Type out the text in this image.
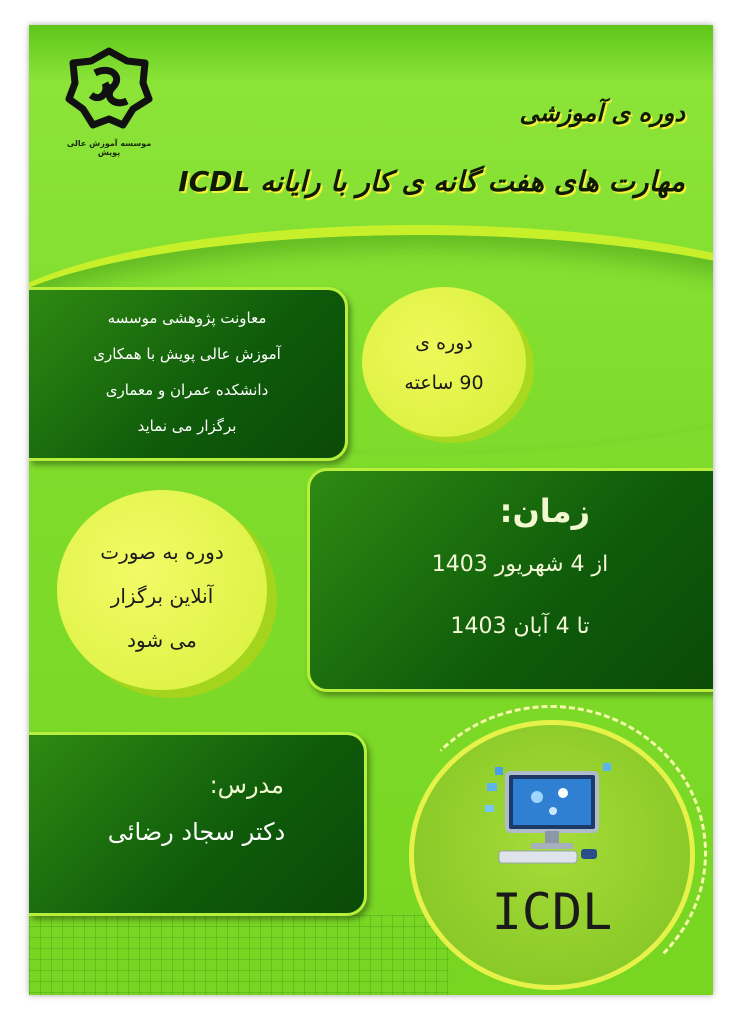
موسسه آموزش عالی پویش
دوره ی آموزشی
مهارت های هفت گانه ی کار با رایانه ICDL
معاونت پژوهشی موسسه
آموزش عالی پویش با همکاری
دانشکده عمران و معماری
برگزار می نماید
دوره ی
90 ساعته
زمان:
از 4 شهریور 1403
تا 4 آبان 1403
دوره به صورت
آنلاین برگزار
می شود
مدرس:
دکتر سجاد رضائی
ICDL
